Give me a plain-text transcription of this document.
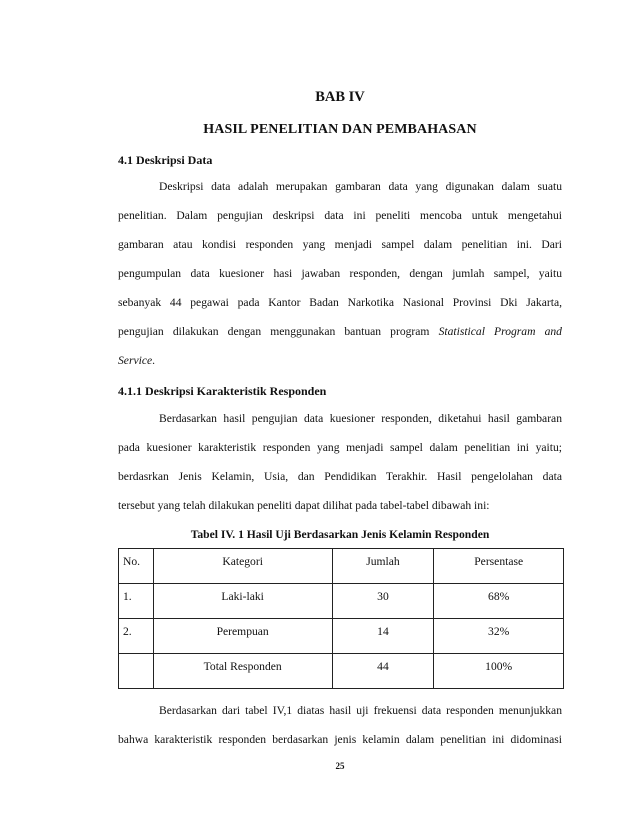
BAB IV
HASIL PENELITIAN DAN PEMBAHASAN
4.1 Deskripsi Data
Deskripsi data adalah merupakan gambaran data yang digunakan dalam suatu
penelitian. Dalam pengujian deskripsi data ini peneliti mencoba untuk mengetahui
gambaran atau kondisi responden yang menjadi sampel dalam penelitian ini. Dari
pengumpulan data kuesioner hasi jawaban responden, dengan jumlah sampel, yaitu
sebanyak 44 pegawai pada Kantor Badan Narkotika Nasional Provinsi Dki Jakarta,
pengujian dilakukan dengan menggunakan bantuan program Statistical Program and
Service.
4.1.1 Deskripsi Karakteristik Responden
Berdasarkan hasil pengujian data kuesioner responden, diketahui hasil gambaran
pada kuesioner karakteristik responden yang menjadi sampel dalam penelitian ini yaitu;
berdasrkan Jenis Kelamin, Usia, dan Pendidikan Terakhir. Hasil pengelolahan data
tersebut yang telah dilakukan peneliti dapat dilihat pada tabel-tabel dibawah ini:
Tabel IV. 1 Hasil Uji Berdasarkan Jenis Kelamin Responden
No.	Kategori	Jumlah	Persentase
1.	Laki-laki	30	68%
2.	Perempuan	14	32%
	Total Responden	44	100%
Berdasarkan dari tabel IV,1 diatas hasil uji frekuensi data responden menunjukkan
bahwa karakteristik responden berdasarkan jenis kelamin dalam penelitian ini didominasi
25
